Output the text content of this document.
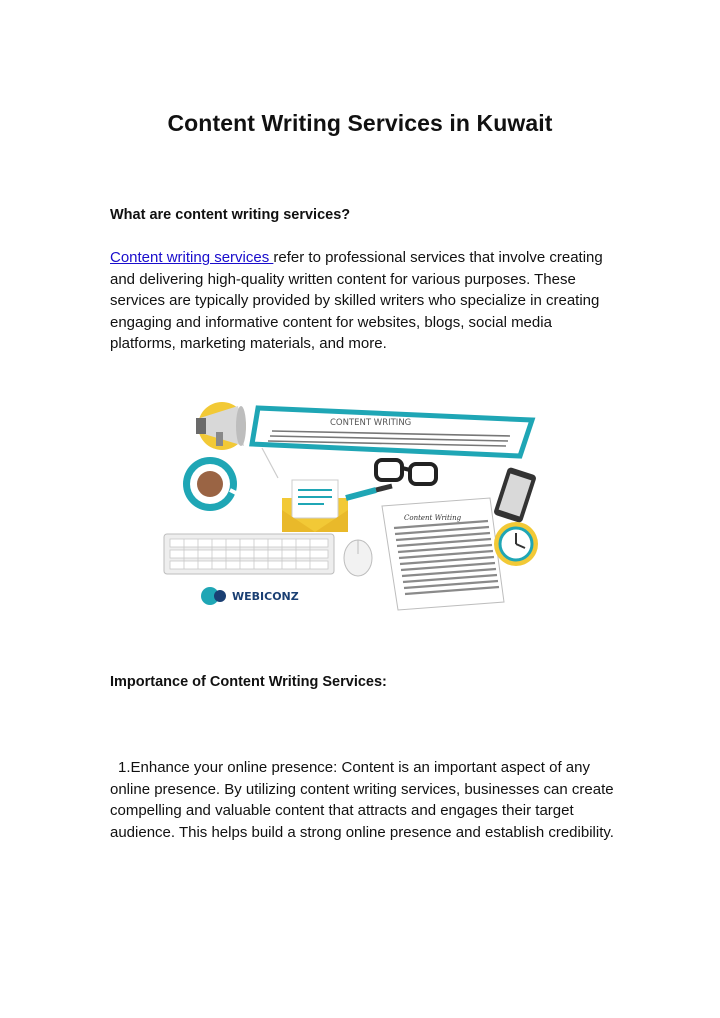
Content Writing Services in Kuwait
What are content writing services?
Content writing services refer to professional services that involve creating and delivering high-quality written content for various purposes. These services are typically provided by skilled writers who specialize in creating engaging and informative content for websites, blogs, social media platforms, marketing materials, and more.
CONTENT WRITING
Content Writing
WEBICONZ
Importance of Content Writing Services:
1.Enhance your online presence: Content is an important aspect of any online presence. By utilizing content writing services, businesses can create compelling and valuable content that attracts and engages their target audience. This helps build a strong online presence and establish credibility.
